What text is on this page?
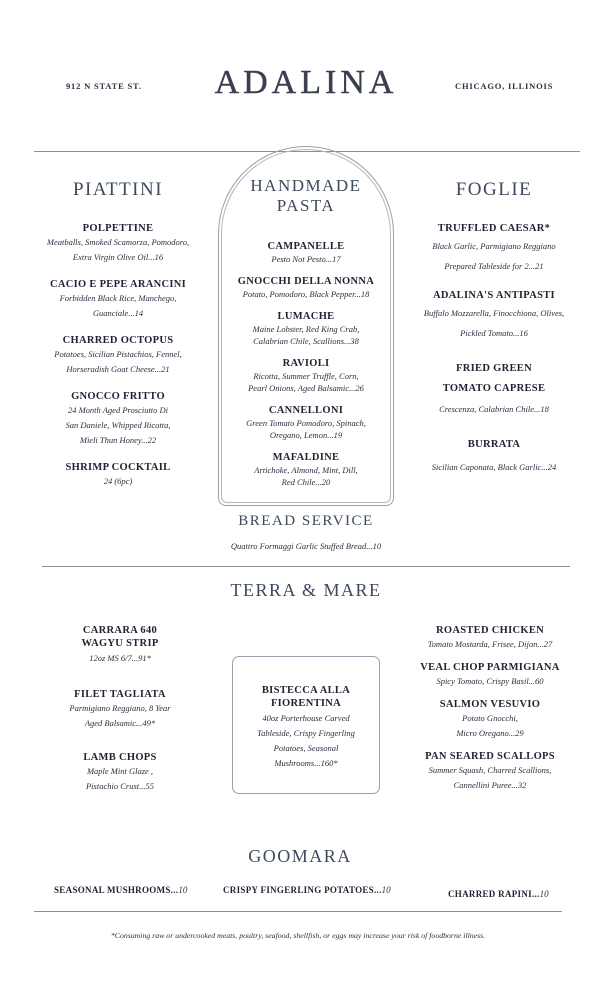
912 N STATE ST.	ADALINA	CHICAGO, ILLINOIS
PIATTINI
POLPETTINE
Meatballs, Smoked Scamorza, Pomodoro,
Extra Virgin Olive Oil...16
CACIO E PEPE ARANCINI
Forbidden Black Rice, Manchego,
Guanciale...14
CHARRED OCTOPUS
Potatoes, Sicilian Pistachios, Fennel,
Horseradish Goat Cheese...21
GNOCCO FRITTO
24 Month Aged Prosciutto Di
San Daniele, Whipped Ricotta,
Mieli Thun Honey...22
SHRIMP COCKTAIL
24 (6pc)
HANDMADE
PASTA
CAMPANELLE
Pesto Not Pesto...17
GNOCCHI DELLA NONNA
Potato, Pomodoro, Black Pepper...18
LUMACHE
Maine Lobster, Red King Crab,
Calabrian Chile, Scallions...38
RAVIOLI
Ricotta, Summer Truffle, Corn,
Pearl Onions, Aged Balsamic...26
CANNELLONI
Green Tomato Pomodoro, Spinach,
Oregano, Lemon...19
MAFALDINE
Artichoke, Almond, Mint, Dill,
Red Chile...20
FOGLIE
TRUFFLED CAESAR*
Black Garlic, Parmigiano Reggiano
Prepared Tableside for 2...21
ADALINA'S ANTIPASTI
Buffalo Mozzarella, Finocchiona, Olives,
Pickled Tomato...16
FRIED GREEN
TOMATO CAPRESE
Crescenza, Calabrian Chile...18
BURRATA
Sicilian Caponata, Black Garlic...24
BREAD SERVICE
Quattro Formaggi Garlic Stuffed Bread...10
TERRA & MARE
CARRARA 640
WAGYU STRIP
12oz MS 6/7...91*
FILET TAGLIATA
Parmigiano Reggiano, 8 Year
Aged Balsamic...49*
LAMB CHOPS
Maple Mint Glaze ,
Pistachio Crust...55
BISTECCA ALLA
FIORENTINA
40oz Porterhouse Carved
Tableside, Crispy Fingerling
Potatoes, Seasonal
Mushrooms...160*
ROASTED CHICKEN
Tomato Mostarda, Frisee, Dijon...27
VEAL CHOP PARMIGIANA
Spicy Tomato, Crispy Basil...60
SALMON VESUVIO
Potato Gnocchi,
Micro Oregano...29
PAN SEARED SCALLOPS
Summer Squash, Charred Scallions,
Cannellini Puree...32
GOOMARA
SEASONAL MUSHROOMS...10	CRISPY FINGERLING POTATOES...10	CHARRED RAPINI...10
*Consuming raw or undercooked meats, poultry, seafood, shellfish, or eggs may increase your risk of foodborne illness.
